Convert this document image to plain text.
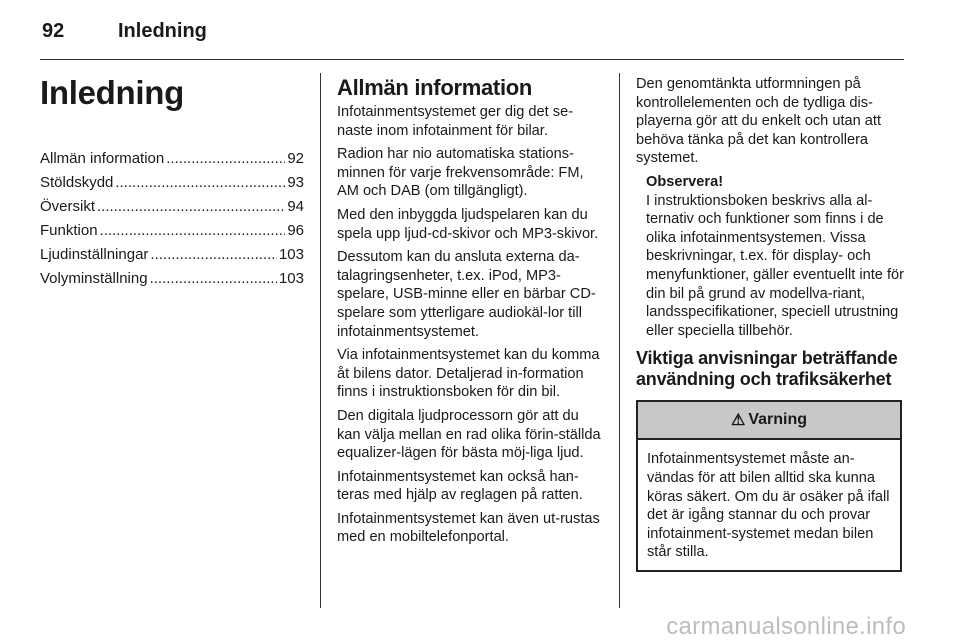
92	Inledning
Inledning
Allmän information .....	92
Stöldskydd .....	93
Översikt .....	94
Funktion .....	96
Ljudinställningar .....	103
Volyminställning .....	103
Allmän information

Infotainmentsystemet ger dig det se-naste inom infotainment för bilar.

Radion har nio automatiska stations-minnen för varje frekvensområde: FM, AM och DAB (om tillgängligt).

Med den inbyggda ljudspelaren kan du spela upp ljud-cd-skivor och MP3-skivor.

Dessutom kan du ansluta externa da-talagringsenheter, t.ex. iPod, MP3-spelare, USB-minne eller en bärbar CD-spelare som ytterligare audiokäl-lor till infotainmentsystemet.

Via infotainmentsystemet kan du komma åt bilens dator. Detaljerad in-formation finns i instruktionsboken för din bil.

Den digitala ljudprocessorn gör att du kan välja mellan en rad olika förin-ställda equalizer-lägen för bästa möj-liga ljud.

Infotainmentsystemet kan också han-teras med hjälp av reglagen på ratten.

Infotainmentsystemet kan även ut-rustas med en mobiltelefonportal.

Den genomtänkta utformningen på kontrollelementen och de tydliga dis-playerna gör att du enkelt och utan att behöva tänka på det kan kontrollera systemet.

Observera!
I instruktionsboken beskrivs alla al-ternativ och funktioner som finns i de olika infotainmentsystemen. Vissa beskrivningar, t.ex. för display- och menyfunktioner, gäller eventuellt inte för din bil på grund av modellva-riant, landsspecifikationer, speciell utrustning eller speciella tillbehör.
Viktiga anvisningar beträffande användning och trafiksäkerhet
⚠ Varning
Infotainmentsystemet måste an-vändas för att bilen alltid ska kunna köras säkert. Om du är osäker på ifall det är igång stannar du och provar infotainment-systemet medan bilen står stilla.
carmanualsonline.info
